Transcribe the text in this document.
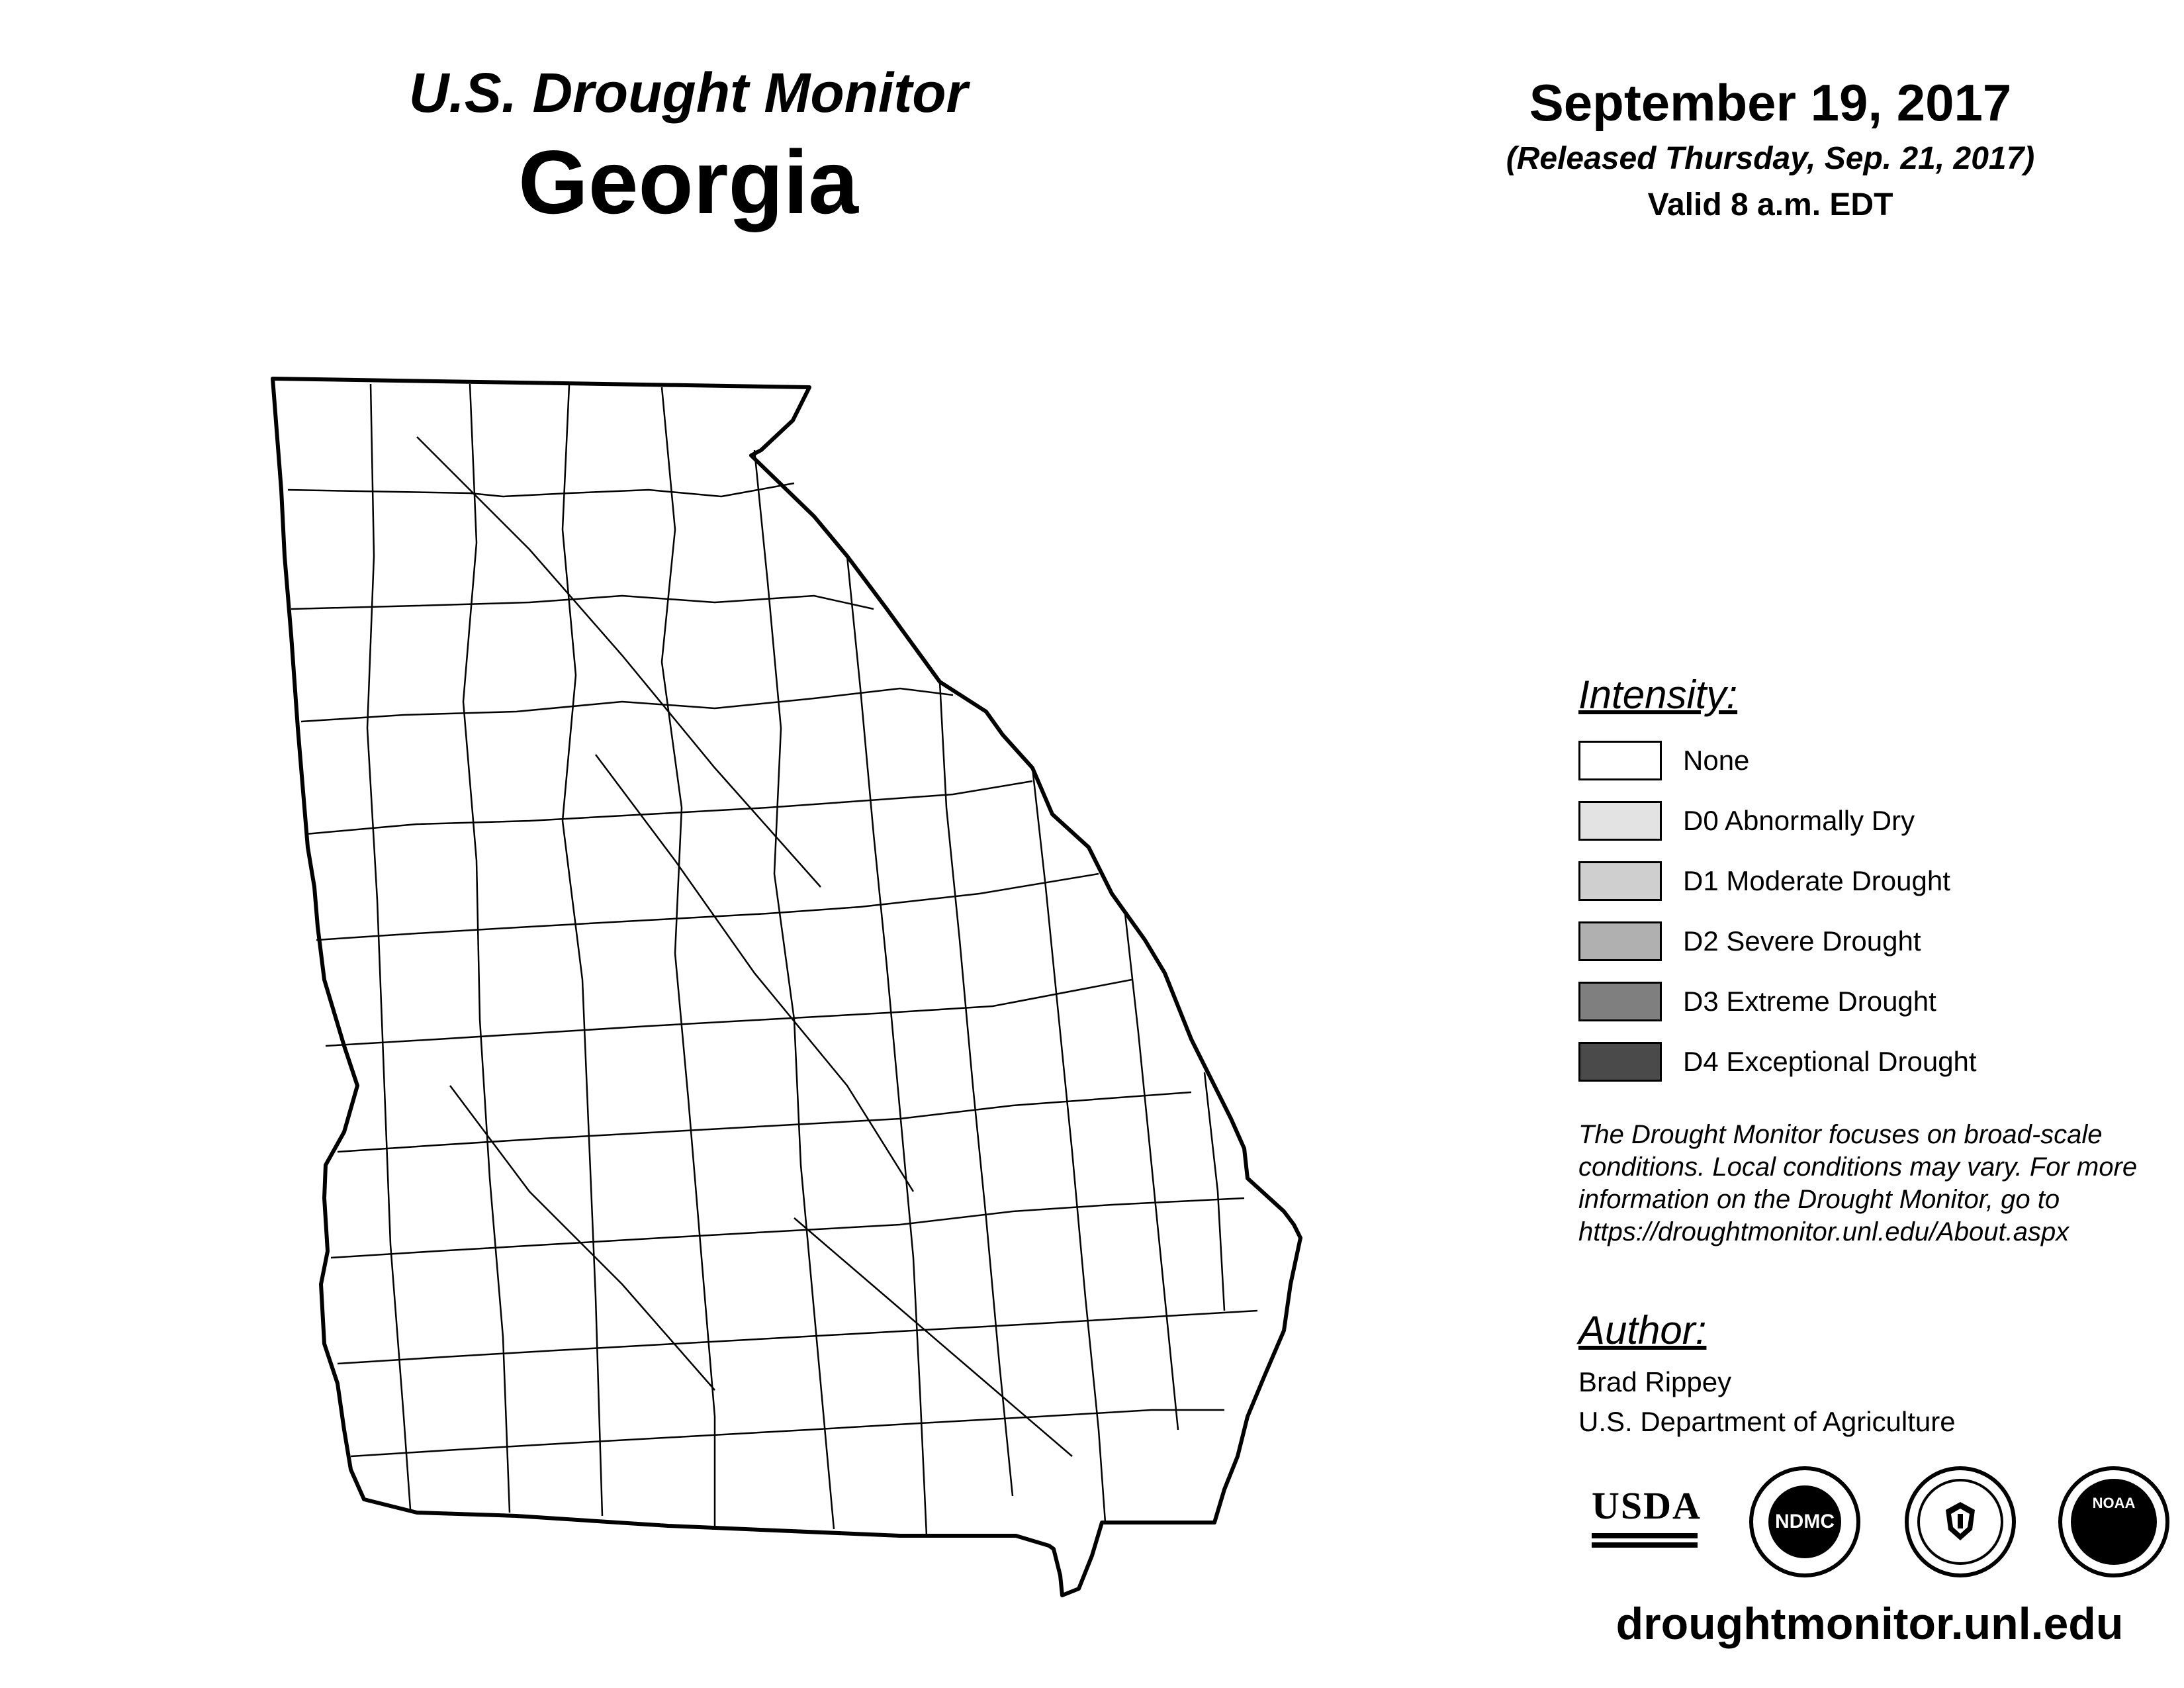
U.S. Drought Monitor
Georgia
September 19, 2017
(Released Thursday, Sep. 21, 2017)
Valid 8 a.m. EDT
Intensity:
None
D0 Abnormally Dry
D1 Moderate Drought
D2 Severe Drought
D3 Extreme Drought
D4 Exceptional Drought
The Drought Monitor focuses on broad-scale
conditions. Local conditions may vary. For more
information on the Drought Monitor, go to
https://droughtmonitor.unl.edu/About.aspx
Author:
Brad Rippey
U.S. Department of Agriculture
USDA	NDMC
NOAA
droughtmonitor.unl.edu
